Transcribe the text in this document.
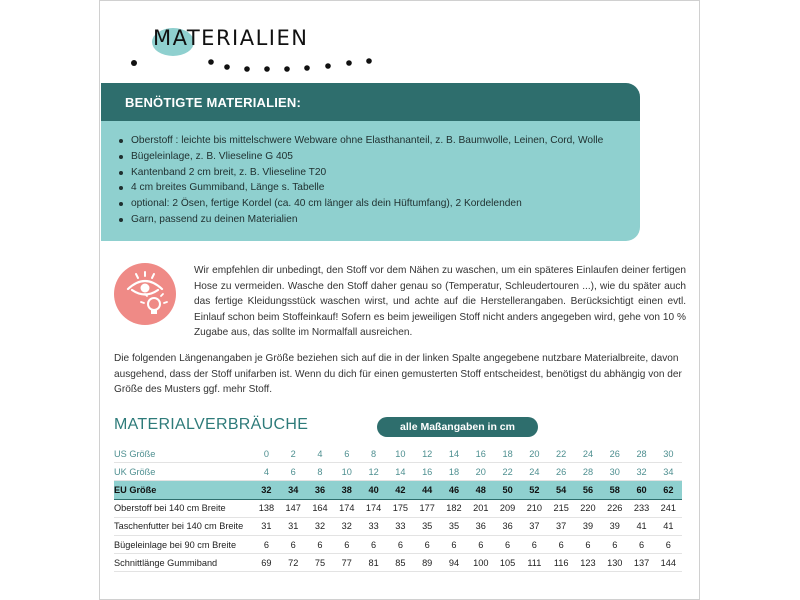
MATERIALIEN
BENÖTIGTE MATERIALIEN:
Oberstoff : leichte bis mittelschwere Webware ohne Elasthananteil, z. B. Baumwolle, Leinen, Cord, Wolle
Bügeleinlage, z. B. Vlieseline G 405
Kantenband 2 cm breit, z. B. Vlieseline T20
4 cm breites Gummiband, Länge s. Tabelle
optional: 2 Ösen, fertige Kordel (ca. 40 cm länger als dein Hüftumfang), 2 Kordelenden
Garn, passend zu deinen Materialien
Wir empfehlen dir unbedingt, den Stoff vor dem Nähen zu waschen, um ein späteres Einlaufen deiner fertigen Hose zu vermeiden. Wasche den Stoff daher genau so (Temperatur, Schleudertouren ...), wie du später auch das fertige Kleidungsstück waschen wirst, und achte auf die Herstellerangaben. Berücksichtigt einen evtl. Einlauf schon beim Stoffeinkauf! Sofern es beim jeweiligen Stoff nicht anders angegeben wird, gehe von 10 % Zugabe aus, das sollte im Normalfall ausreichen.
Die folgenden Längenangaben je Größe beziehen sich auf die in der linken Spalte angegebene nutzbare Materialbreite, davon ausgehend, dass der Stoff unifarben ist. Wenn du dich für einen gemusterten Stoff entscheidest, benötigst du abhängig von der Größe des Musters ggf. mehr Stoff.
MATERIALVERBRÄUCHE	alle Maßangaben in cm
US Größe	0	2	4	6	8	10	12	14	16	18	20	22	24	26	28	30
UK Größe	4	6	8	10	12	14	16	18	20	22	24	26	28	30	32	34
EU Größe	32	34	36	38	40	42	44	46	48	50	52	54	56	58	60	62
Oberstoff bei 140 cm Breite	138	147	164	174	174	175	177	182	201	209	210	215	220	226	233	241
Taschenfutter bei 140 cm Breite	31	31	32	32	33	33	35	35	36	36	37	37	39	39	41	41
Bügeleinlage bei 90 cm Breite	6	6	6	6	6	6	6	6	6	6	6	6	6	6	6	6
Schnittlänge Gummiband	69	72	75	77	81	85	89	94	100	105	111	116	123	130	137	144
